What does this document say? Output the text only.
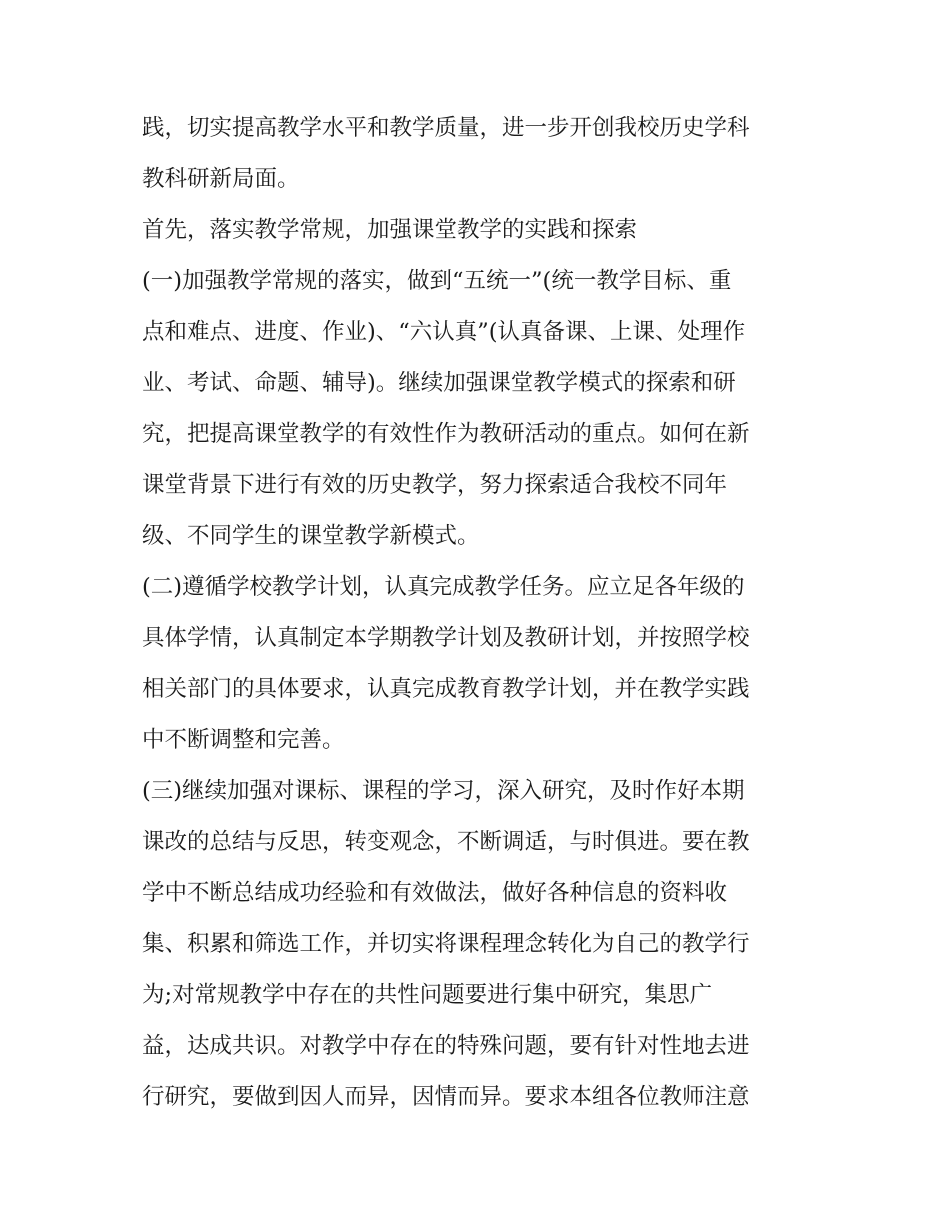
践，切实提高教学水平和教学质量，进一步开创我校历史学科

教科研新局面。

首先，落实教学常规，加强课堂教学的实践和探索

(一)加强教学常规的落实，做到“五统一”(统一教学目标、重

点和难点、进度、作业)、“六认真”(认真备课、上课、处理作

业、考试、命题、辅导)。继续加强课堂教学模式的探索和研

究，把提高课堂教学的有效性作为教研活动的重点。如何在新

课堂背景下进行有效的历史教学，努力探索适合我校不同年

级、不同学生的课堂教学新模式。

(二)遵循学校教学计划，认真完成教学任务。应立足各年级的

具体学情，认真制定本学期教学计划及教研计划，并按照学校

相关部门的具体要求，认真完成教育教学计划，并在教学实践

中不断调整和完善。

(三)继续加强对课标、课程的学习，深入研究，及时作好本期

课改的总结与反思，转变观念，不断调适，与时俱进。要在教

学中不断总结成功经验和有效做法，做好各种信息的资料收

集、积累和筛选工作，并切实将课程理念转化为自己的教学行

为;对常规教学中存在的共性问题要进行集中研究，集思广

益，达成共识。对教学中存在的特殊问题，要有针对性地去进

行研究，要做到因人而异，因情而异。要求本组各位教师注意
